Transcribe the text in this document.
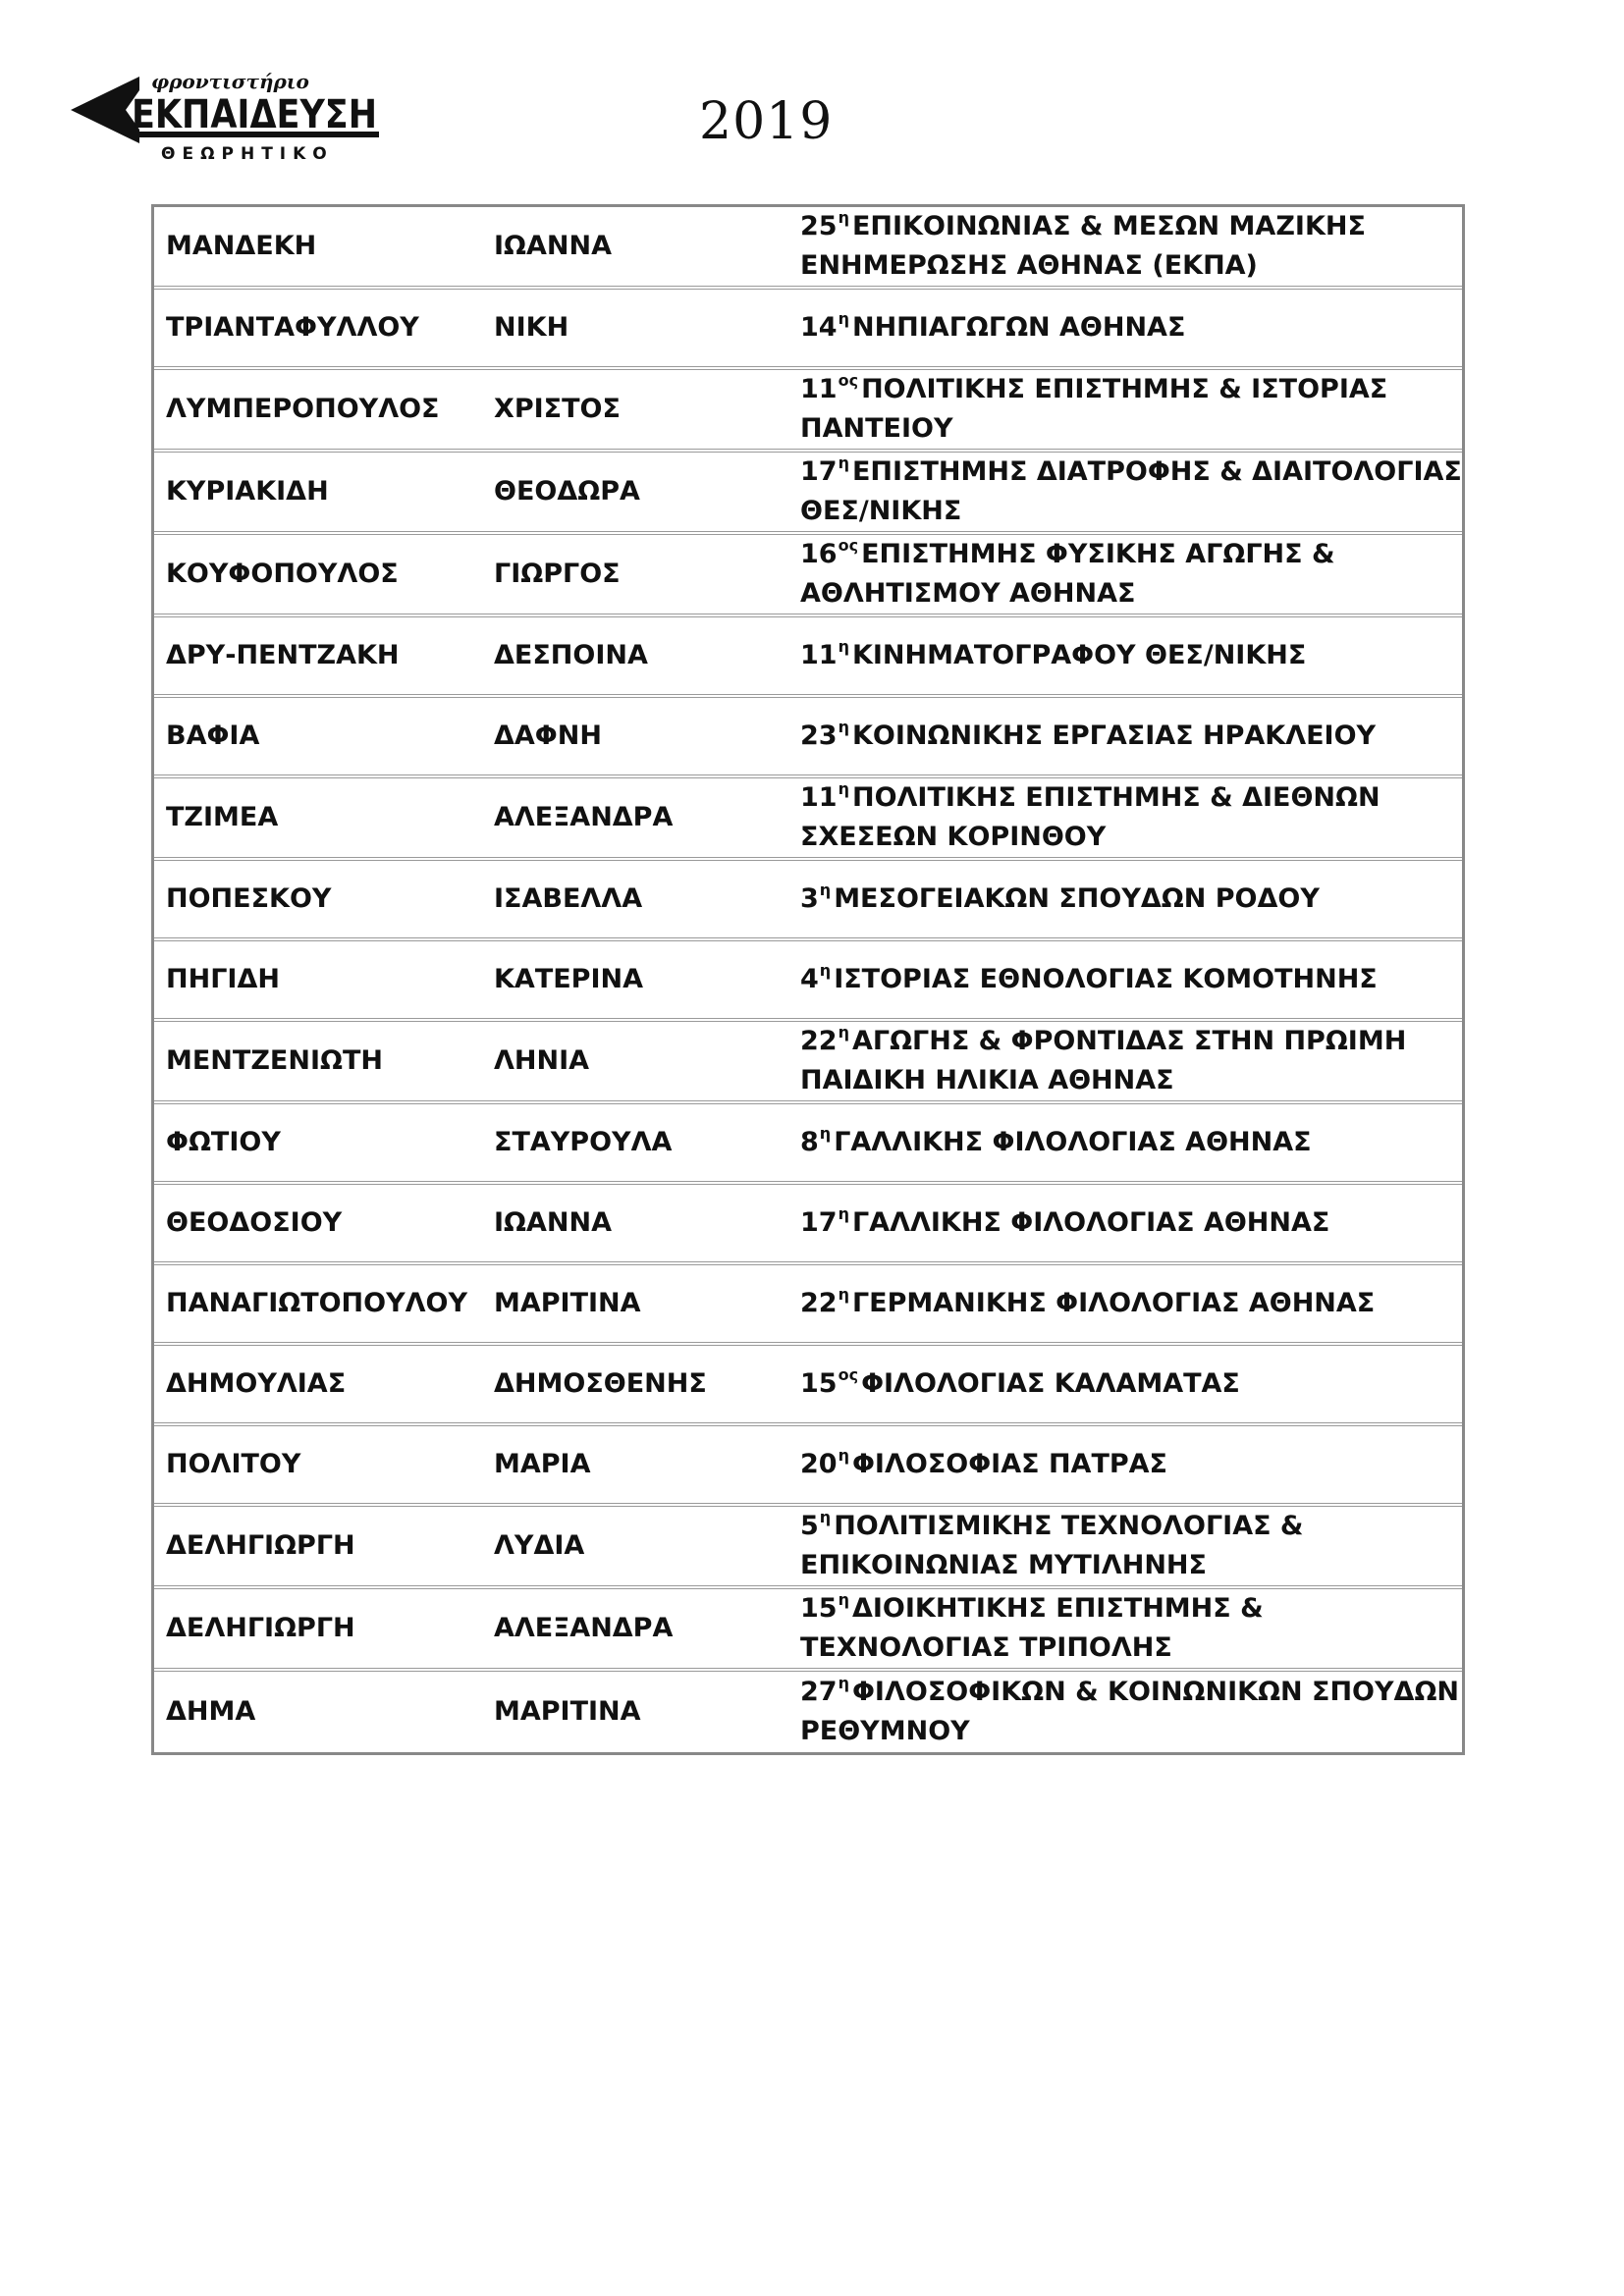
φροντιστήριο
ΕΚΠΑΙΔΕΥΣΗ
ΘΕΩΡΗΤΙΚΟ
2019
ΜΑΝΔΕΚΗ	ΙΩΑΝΝΑ	$25^\eta$ ΕΠΙΚΟΙΝΩΝΙΑΣ & ΜΕΣΩΝ ΜΑΖΙΚΗΣ ΕΝΗΜΕΡΩΣΗΣ ΑΘΗΝΑΣ (ΕΚΠΑ)
ΤΡΙΑΝΤΑΦΥΛΛΟΥ	ΝΙΚΗ	$14^\eta$ ΝΗΠΙΑΓΩΓΩΝ ΑΘΗΝΑΣ
ΛΥΜΠΕΡΟΠΟΥΛΟΣ	ΧΡΙΣΤΟΣ	$11^{o\varsigma}$ ΠΟΛΙΤΙΚΗΣ ΕΠΙΣΤΗΜΗΣ & ΙΣΤΟΡΙΑΣ ΠΑΝΤΕΙΟΥ
ΚΥΡΙΑΚΙΔΗ	ΘΕΟΔΩΡΑ	$17^\eta$ ΕΠΙΣΤΗΜΗΣ ΔΙΑΤΡΟΦΗΣ & ΔΙΑΙΤΟΛΟΓΙΑΣ ΘΕΣ/ΝΙΚΗΣ
ΚΟΥΦΟΠΟΥΛΟΣ	ΓΙΩΡΓΟΣ	$16^{o\varsigma}$ ΕΠΙΣΤΗΜΗΣ ΦΥΣΙΚΗΣ ΑΓΩΓΗΣ & ΑΘΛΗΤΙΣΜΟΥ ΑΘΗΝΑΣ
ΔΡΥ-ΠΕΝΤΖΑΚΗ	ΔΕΣΠΟΙΝΑ	$11^\eta$ ΚΙΝΗΜΑΤΟΓΡΑΦΟΥ ΘΕΣ/ΝΙΚΗΣ
ΒΑΦΙΑ	ΔΑΦΝΗ	$23^\eta$ ΚΟΙΝΩΝΙΚΗΣ ΕΡΓΑΣΙΑΣ ΗΡΑΚΛΕΙΟΥ
ΤΖΙΜΕΑ	ΑΛΕΞΑΝΔΡΑ	$11^\eta$ ΠΟΛΙΤΙΚΗΣ ΕΠΙΣΤΗΜΗΣ & ΔΙΕΘΝΩΝ ΣΧΕΣΕΩΝ ΚΟΡΙΝΘΟΥ
ΠΟΠΕΣΚΟΥ	ΙΣΑΒΕΛΛΑ	$3^\eta$ ΜΕΣΟΓΕΙΑΚΩΝ ΣΠΟΥΔΩΝ ΡΟΔΟΥ
ΠΗΓΙΔΗ	ΚΑΤΕΡΙΝΑ	$4^\eta$ ΙΣΤΟΡΙΑΣ ΕΘΝΟΛΟΓΙΑΣ ΚΟΜΟΤΗΝΗΣ
ΜΕΝΤΖΕΝΙΩΤΗ	ΛΗΝΙΑ	$22^\eta$ ΑΓΩΓΗΣ & ΦΡΟΝΤΙΔΑΣ ΣΤΗΝ ΠΡΩΙΜΗ ΠΑΙΔΙΚΗ ΗΛΙΚΙΑ ΑΘΗΝΑΣ
ΦΩΤΙΟΥ	ΣΤΑΥΡΟΥΛΑ	$8^\eta$ ΓΑΛΛΙΚΗΣ ΦΙΛΟΛΟΓΙΑΣ ΑΘΗΝΑΣ
ΘΕΟΔΟΣΙΟΥ	ΙΩΑΝΝΑ	$17^\eta$ ΓΑΛΛΙΚΗΣ ΦΙΛΟΛΟΓΙΑΣ ΑΘΗΝΑΣ
ΠΑΝΑΓΙΩΤΟΠΟΥΛΟΥ	ΜΑΡΙΤΙΝΑ	$22^\eta$ ΓΕΡΜΑΝΙΚΗΣ ΦΙΛΟΛΟΓΙΑΣ ΑΘΗΝΑΣ
ΔΗΜΟΥΛΙΑΣ	ΔΗΜΟΣΘΕΝΗΣ	$15^{o\varsigma}$ ΦΙΛΟΛΟΓΙΑΣ ΚΑΛΑΜΑΤΑΣ
ΠΟΛΙΤΟΥ	ΜΑΡΙΑ	$20^\eta$ ΦΙΛΟΣΟΦΙΑΣ ΠΑΤΡΑΣ
ΔΕΛΗΓΙΩΡΓΗ	ΛΥΔΙΑ	$5^\eta$ ΠΟΛΙΤΙΣΜΙΚΗΣ ΤΕΧΝΟΛΟΓΙΑΣ & ΕΠΙΚΟΙΝΩΝΙΑΣ ΜΥΤΙΛΗΝΗΣ
ΔΕΛΗΓΙΩΡΓΗ	ΑΛΕΞΑΝΔΡΑ	$15^\eta$ ΔΙΟΙΚΗΤΙΚΗΣ ΕΠΙΣΤΗΜΗΣ & ΤΕΧΝΟΛΟΓΙΑΣ ΤΡΙΠΟΛΗΣ
ΔΗΜΑ	ΜΑΡΙΤΙΝΑ	$27^\eta$ ΦΙΛΟΣΟΦΙΚΩΝ & ΚΟΙΝΩΝΙΚΩΝ ΣΠΟΥΔΩΝ ΡΕΘΥΜΝΟΥ
